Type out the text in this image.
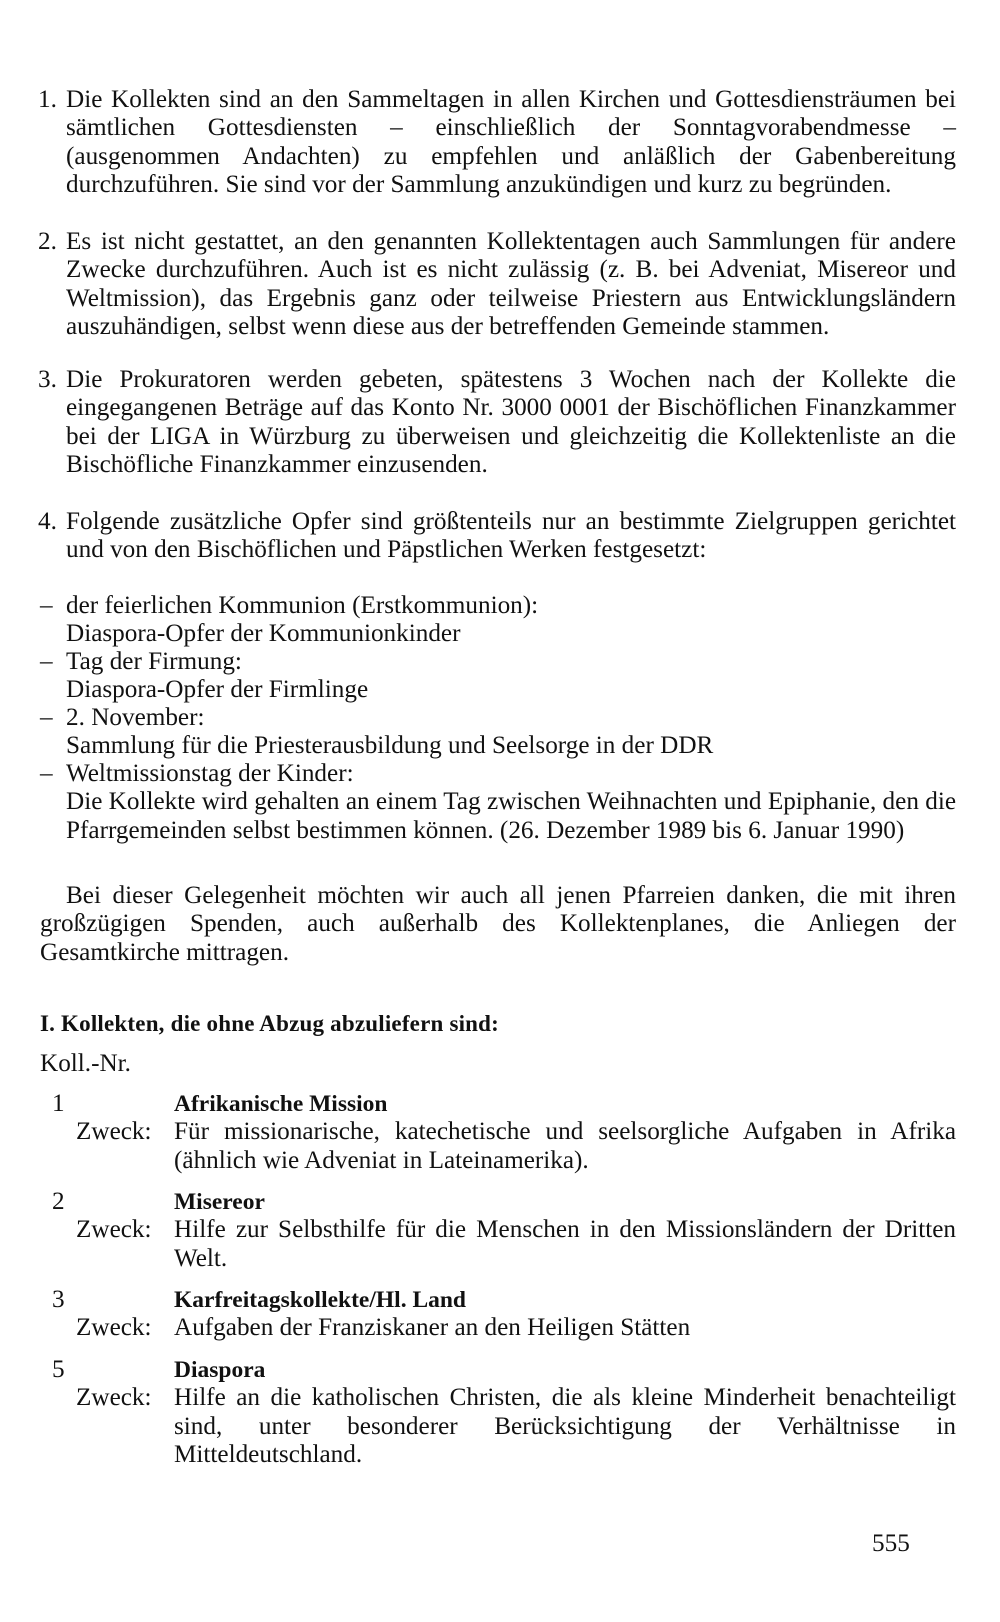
1. Die Kollekten sind an den Sammeltagen in allen Kirchen und Gottesdiensträumen bei sämtlichen Gottesdiensten – einschließlich der Sonntagvorabendmesse – (ausgenommen Andachten) zu empfehlen und anläßlich der Gabenbereitung durchzuführen. Sie sind vor der Sammlung anzukündigen und kurz zu begründen.
2. Es ist nicht gestattet, an den genannten Kollektentagen auch Sammlungen für andere Zwecke durchzuführen. Auch ist es nicht zulässig (z. B. bei Adveniat, Misereor und Weltmission), das Ergebnis ganz oder teilweise Priestern aus Entwicklungsländern auszuhändigen, selbst wenn diese aus der betreffenden Gemeinde stammen.
3. Die Prokuratoren werden gebeten, spätestens 3 Wochen nach der Kollekte die eingegangenen Beträge auf das Konto Nr. 3000 0001 der Bischöflichen Finanzkammer bei der LIGA in Würzburg zu überweisen und gleichzeitig die Kollektenliste an die Bischöfliche Finanzkammer einzusenden.
4. Folgende zusätzliche Opfer sind größtenteils nur an bestimmte Zielgruppen gerichtet und von den Bischöflichen und Päpstlichen Werken festgesetzt:
– der feierlichen Kommunion (Erstkommunion):
Diaspora-Opfer der Kommunionkinder
– Tag der Firmung:
Diaspora-Opfer der Firmlinge
– 2. November:
Sammlung für die Priesterausbildung und Seelsorge in der DDR
– Weltmissionstag der Kinder:
Die Kollekte wird gehalten an einem Tag zwischen Weihnachten und Epiphanie, den die Pfarrgemeinden selbst bestimmen können. (26. Dezember 1989 bis 6. Januar 1990)
Bei dieser Gelegenheit möchten wir auch all jenen Pfarreien danken, die mit ihren großzügigen Spenden, auch außerhalb des Kollektenplanes, die Anliegen der Gesamtkirche mittragen.
I. Kollekten, die ohne Abzug abzuliefern sind:
Koll.-Nr.
1	Afrikanische Mission
Zweck: Für missionarische, katechetische und seelsorgliche Aufgaben in Afrika (ähnlich wie Adveniat in Lateinamerika).
2	Misereor
Zweck: Hilfe zur Selbsthilfe für die Menschen in den Missionsländern der Dritten Welt.
3	Karfreitagskollekte/Hl. Land
Zweck: Aufgaben der Franziskaner an den Heiligen Stätten
5	Diaspora
Zweck: Hilfe an die katholischen Christen, die als kleine Minderheit benachteiligt sind, unter besonderer Berücksichtigung der Verhältnisse in Mitteldeutschland.
555
